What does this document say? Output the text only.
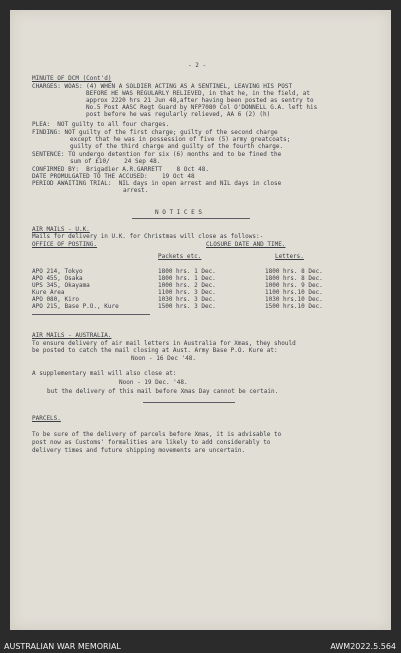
- 2 -
MINUTE OF DCM (Cont'd)
CHARGES: WOAS: (4) WHEN A SOLDIER ACTING AS A SENTINEL, LEAVING HIS POST
BEFORE HE WAS REGULARLY RELIEVED, in that he, in the field, at
approx 2220 hrs 21 Jun 48,after having been posted as sentry to
No.5 Post AASC Regt Guard by NFP7080 Col O'DONNELL G.A. left his
post before he was regularly relieved, AA 6 (2) (h)
PLEA:  NOT guilty to all four charges.
FINDING: NOT guilty of the first charge; guilty of the second charge
except that he was in possession of five (5) army greatcoats;
guilty of the third charge and guilty of the fourth charge.
SENTENCE: TO undergo detention for six (6) months and to be fined the
sum of £10/    24 Sep 48.
CONFIRMED BY:  Brigadier A.R.GARRETT    8 Oct 48.
DATE PROMULGATED TO THE ACCUSED:    19 Oct 48
PERIOD AWAITING TRIAL:  NIL days in open arrest and NIL days in close
arrest.
N O T I C E S
AIR MAILS - U.K.
Mails for delivery in U.K. for Christmas will close as follows:-
OFFICE OF POSTING.	CLOSURE DATE AND TIME.
Packets etc.	Letters.
APO 214, Tokyo	1800 hrs. 1 Dec.	1800 hrs. 8 Dec.
APO 455, Osaka	1800 hrs. 1 Dec.	1800 hrs. 8 Dec.
UPS 345, Okayama	1000 hrs. 2 Dec.	1000 hrs. 9 Dec.
Kure Area	1100 hrs. 3 Dec.	1100 hrs.10 Dec.
APO 080, Kiro	1030 hrs. 3 Dec.	1030 hrs.10 Dec.
APO 215, Base P.O., Kure	1500 hrs. 3 Dec.	1500 hrs.10 Dec.
AIR MAILS - AUSTRALIA.
To ensure delivery of air mail letters in Australia for Xmas, they should
be posted to catch the mail closing at Aust. Army Base P.O. Kure at:
Noon - 16 Dec '48.
A supplementary mail will also close at:
Noon - 19 Dec. '48.
but the delivery of this mail before Xmas Day cannot be certain.
PARCELS.
To be sure of the delivery of parcels before Xmas, it is advisable to
post now as Customs' formalities are likely to add considerably to
delivery times and future shipping movements are uncertain.
AUSTRALIAN WAR MEMORIAL	AWM2022.5.564
